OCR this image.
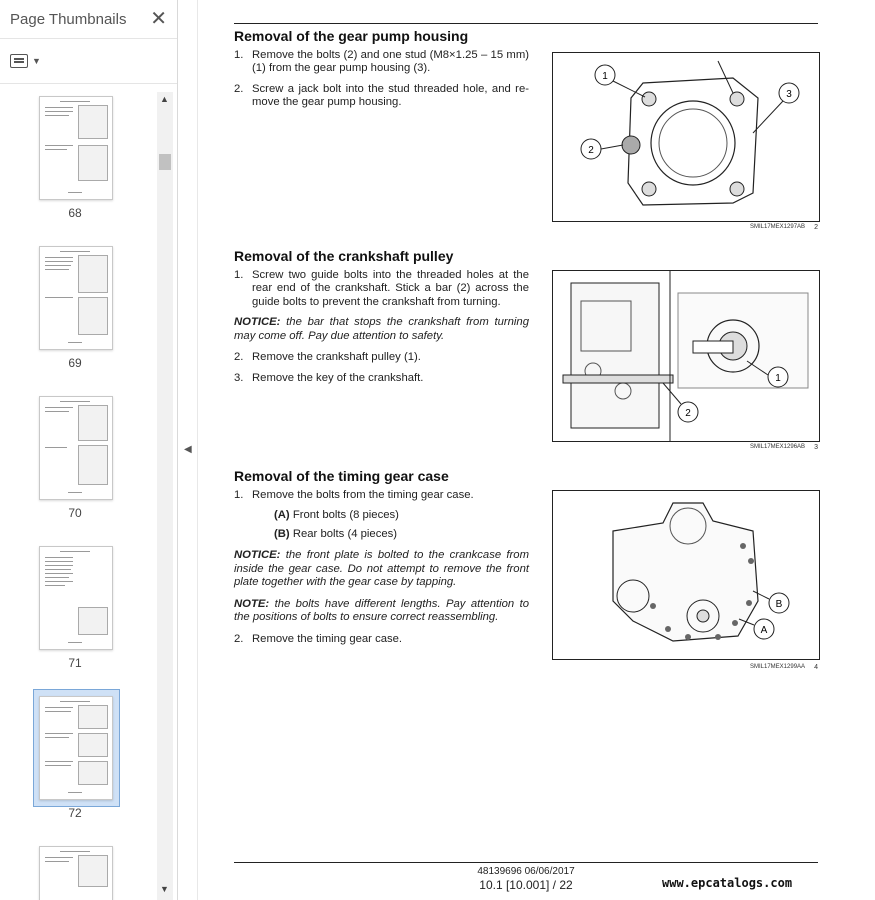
Page Thumbnails ✕
▼
68
69
70
71
72
▲
▼
◀
Removal of the gear pump housing
1. Remove the bolts (2) and one stud (M8×1.25 – 15 mm) (1) from the gear pump housing (3).
2. Screw a jack bolt into the stud threaded hole, and re-move the gear pump housing.
1
2
3
SMIL17MEX1297AB 2
Removal of the crankshaft pulley
1. Screw two guide bolts into the threaded holes at the rear end of the crankshaft. Stick a bar (2) across the guide bolts to prevent the crankshaft from turning.

NOTICE: the bar that stops the crankshaft from turning may come off. Pay due attention to safety.

2. Remove the crankshaft pulley (1).
3. Remove the key of the crankshaft.	1
2
SMIL17MEX1296AB 3
Removal of the timing gear case
1. Remove the bolts from the timing gear case.
(A) Front bolts (8 pieces)
(B) Rear bolts (4 pieces)

NOTICE: the front plate is bolted to the crankcase from inside the gear case. Do not attempt to remove the front plate together with the gear case by tapping.

NOTE: the bolts have different lengths. Pay attention to the positions of bolts to ensure correct reassembling.

2. Remove the timing gear case.
B
A
SMIL17MEX1299AA 4
48139696 06/06/2017
10.1 [10.001] / 22	www.epcatalogs.com
